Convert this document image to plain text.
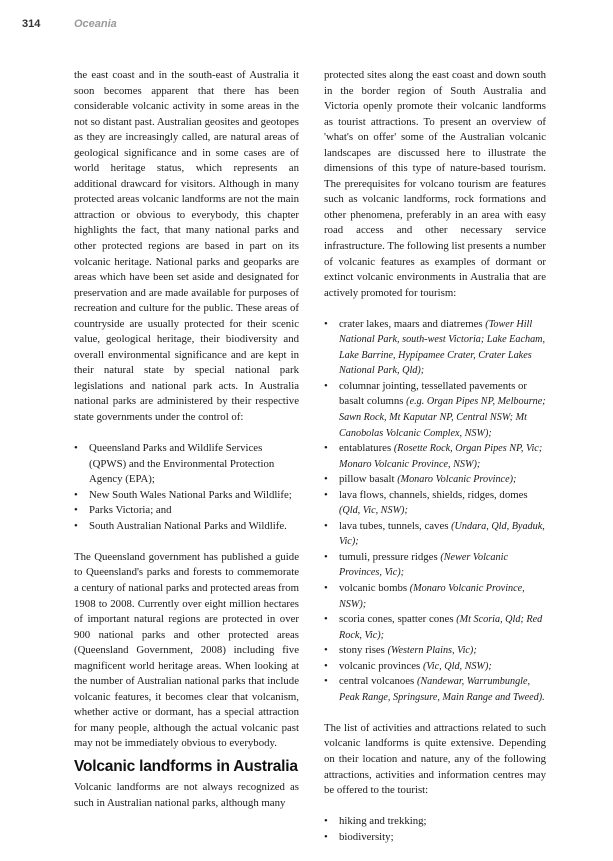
314	Oceania

the east coast and in the south-east of Australia it soon becomes apparent that there has been considerable volcanic activity in some areas in the not so distant past. Australian geosites and geotopes as they are increasingly called, are natural areas of geological significance and in some cases are of world heritage status, which represents an additional drawcard for visitors. Although in many protected areas volcanic landforms are not the main attraction or obvious to everybody, this chapter highlights the fact, that many national parks and other protected regions are based in part on its volcanic heritage. National parks and geoparks are areas which have been set aside and designated for preservation and are made available for purposes of recreation and culture for the public. These areas of countryside are usually protected for their scenic value, geological heritage, their biodiversity and overall environmental significance and are kept in their natural state by special national park legislations and national park acts. In Australia national parks are administered by their respective state governments under the control of:

• Queensland Parks and Wildlife Services (QPWS) and the Environmental Protection Agency (EPA);
• New South Wales National Parks and Wildlife;
• Parks Victoria; and
• South Australian National Parks and Wildlife.

The Queensland government has published a guide to Queensland's parks and forests to commemorate a century of national parks and protected areas from 1908 to 2008. Currently over eight million hectares of important natural regions are protected in over 900 national parks and other protected areas (Queensland Government, 2008) including five magnificent world heritage areas. When looking at the number of Australian national parks that include volcanic features, it becomes clear that volcanism, whether active or dormant, has a special attraction for many people, although the actual volcanic past may not be immediately obvious to everybody.

Volcanic landforms in Australia

Volcanic landforms are not always recognized as such in Australian national parks, although many

protected sites along the east coast and down south in the border region of South Australia and Victoria openly promote their volcanic landforms as tourist attractions. To present an overview of 'what's on offer' some of the Australian volcanic landscapes are discussed here to illustrate the dimensions of this type of nature-based tourism. The prerequisites for volcano tourism are features such as volcanic landforms, rock formations and other phenomena, preferably in an area with easy road access and other necessary service infrastructure. The following list presents a number of volcanic features as examples of dormant or extinct volcanic environments in Australia that are actively promoted for tourism:

• crater lakes, maars and diatremes (Tower Hill National Park, south-west Victoria; Lake Eacham, Lake Barrine, Hypipamee Crater, Crater Lakes National Park, Qld);
• columnar jointing, tessellated pavements or basalt columns (e.g. Organ Pipes NP, Melbourne; Sawn Rock, Mt Kaputar NP, Central NSW; Mt Canobolas Volcanic Complex, NSW);
• entablatures (Rosette Rock, Organ Pipes NP, Vic; Monaro Volcanic Province, NSW);
• pillow basalt (Monaro Volcanic Province);
• lava flows, channels, shields, ridges, domes (Qld, Vic, NSW);
• lava tubes, tunnels, caves (Undara, Qld, Byaduk, Vic);
• tumuli, pressure ridges (Newer Volcanic Provinces, Vic);
• volcanic bombs (Monaro Volcanic Province, NSW);
• scoria cones, spatter cones (Mt Scoria, Qld; Red Rock, Vic);
• stony rises (Western Plains, Vic);
• volcanic provinces (Vic, Qld, NSW);
• central volcanoes (Nandewar, Warrumbungle, Peak Range, Springsure, Main Range and Tweed).

The list of activities and attractions related to such volcanic landforms is quite extensive. Depending on their location and nature, any of the following attractions, activities and information centres may be offered to the tourist:

• hiking and trekking;
• biodiversity;
